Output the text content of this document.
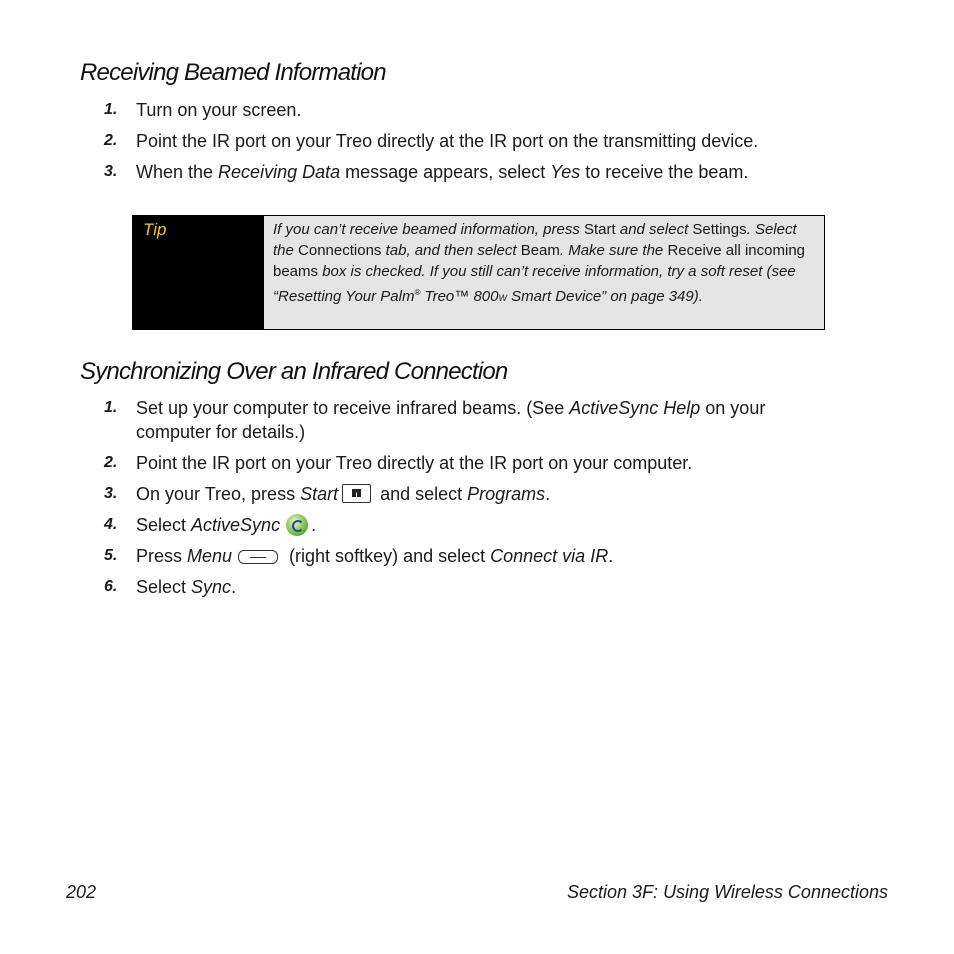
Receiving Beamed Information
1. Turn on your screen.
2. Point the IR port on your Treo directly at the IR port on the transmitting device.
3. When the Receiving Data message appears, select Yes to receive the beam.
Tip	If you can’t receive beamed information, press Start and select Settings. Select the Connections tab, and then select Beam. Make sure the Receive all incoming beams box is checked. If you still can’t receive information, try a soft reset (see “Resetting Your Palm® Treo™ 800W Smart Device” on page 349).
Synchronizing Over an Infrared Connection
1. Set up your computer to receive infrared beams. (See ActiveSync Help on your computer for details.)
2. Point the IR port on your Treo directly at the IR port on your computer.
3. On your Treo, press Start and select Programs.
4. Select ActiveSync .
5. Press Menu	(right softkey) and select Connect via IR.
6. Select Sync.
202	Section 3F: Using Wireless Connections
